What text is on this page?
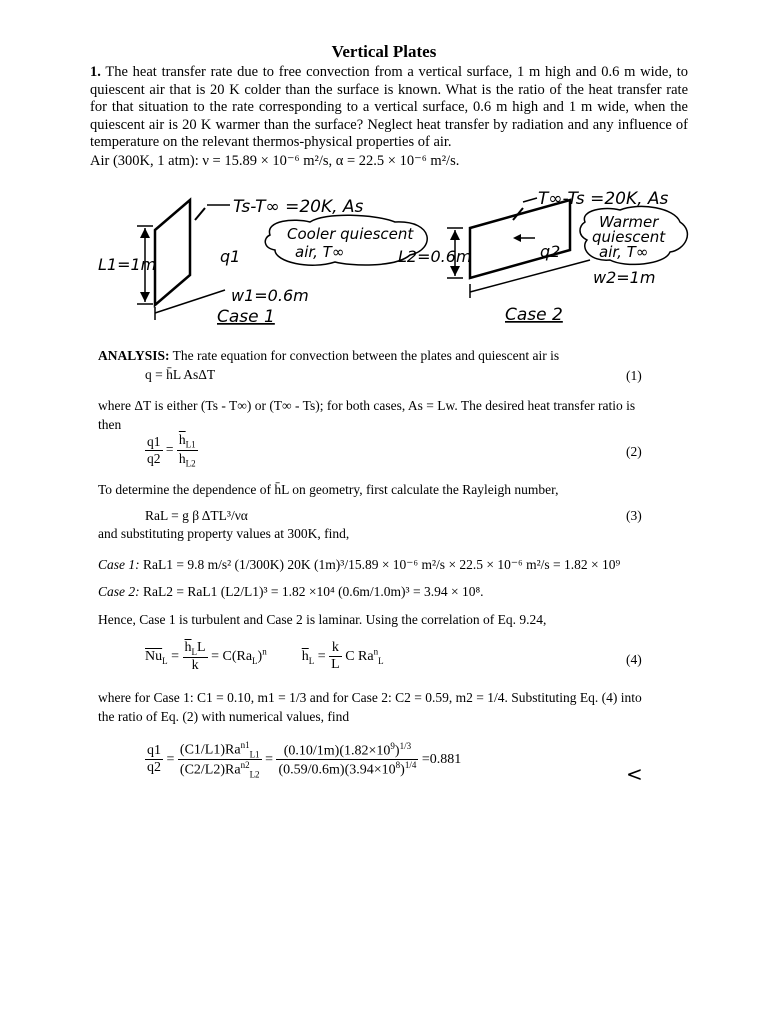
Vertical Plates
1. The heat transfer rate due to free convection from a vertical surface, 1 m high and 0.6 m wide, to quiescent air that is 20 K colder than the surface is known. What is the ratio of the heat transfer rate for that situation to the rate corresponding to a vertical surface, 0.6 m high and 1 m wide, when the quiescent air is 20 K warmer than the surface? Neglect heat transfer by radiation and any influence of temperature on the relevant thermos-physical properties of air.
Air (300K, 1 atm): ν = 15.89 × 10⁻⁶ m²/s, α = 22.5 × 10⁻⁶ m²/s.
Ts-T∞ =20K, As
Cooler quiescent
air, T∞
q1
L1=1m
w1=0.6m
Case 1
T∞-Ts =20K, As
Warmer
quiescent
air, T∞
q2
L2=0.6m
w2=1m
Case 2
ANALYSIS: The rate equation for convection between the plates and quiescent air is
q = h̄L AsΔT	(1)
where ΔT is either (Ts - T∞) or (T∞ - Ts); for both cases, As = Lw. The desired heat transfer ratio is then
$\frac{q1}{q2} = \frac{\overline{h}_{L1}}{\overline{h}_{L2}}$	(2)
To determine the dependence of h̄L on geometry, first calculate the Rayleigh number,
RaL = g β ΔTL³/να	(3)
and substituting property values at 300K, find,
Case 1: RaL1 = 9.8 m/s² (1/300K) 20K (1m)³/15.89 × 10⁻⁶ m²/s × 22.5 × 10⁻⁶ m²/s = 1.82 × 10⁹
Case 2: RaL2 = RaL1 (L2/L1)³ = 1.82 ×10⁴ (0.6m/1.0m)³ = 3.94 × 10⁸.
Hence, Case 1 is turbulent and Case 2 is laminar. Using the correlation of Eq. 9.24,
$\overline{Nu}_L = \frac{\overline{h}_LL}{k} = C(Ra_L)^n$	$\overline{h}_L = \frac{k}{L}$ C $Ra^n_L$	(4)
where for Case 1: C1 = 0.10, m1 = 1/3 and for Case 2: C2 = 0.59, m2 = 1/4. Substituting Eq. (4) into the ratio of Eq. (2) with numerical values, find
$\frac{q1}{q2} = \frac{(C1/L1)Ra^{n1}_{L1}}{(C2/L2)Ra^{n2}_{L2}} = \frac{(0.10/1m)(1.82\times 10^9)^{1/3}}{(0.59/0.6m)(3.94\times 10^8)^{1/4}} =0.881$
<
